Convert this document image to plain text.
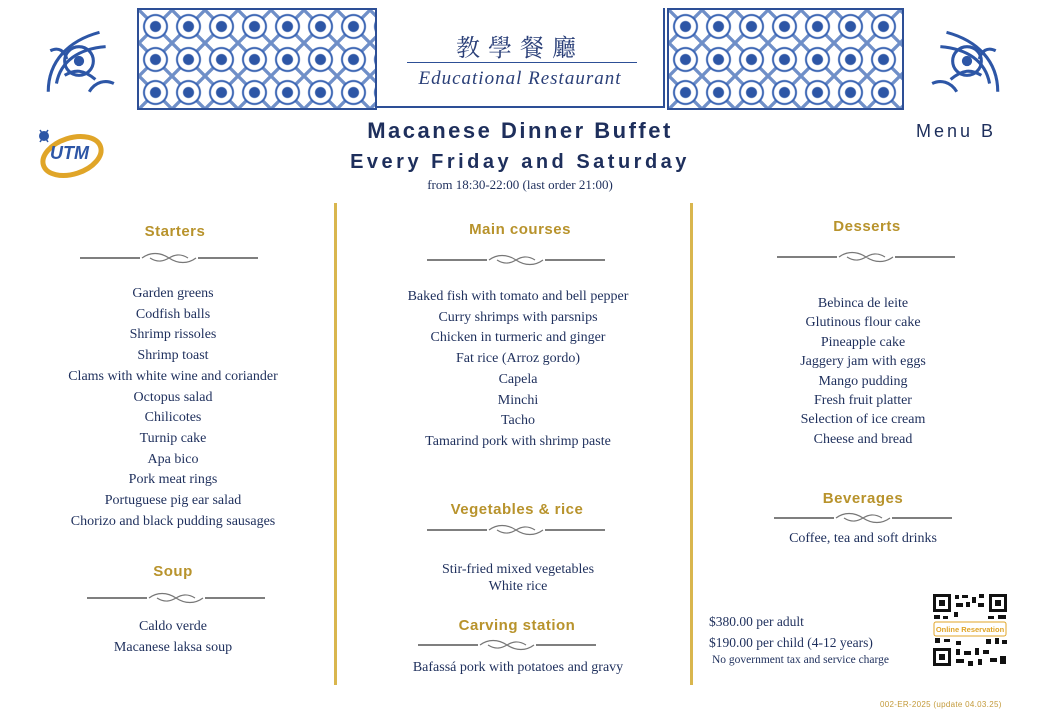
教學餐廳
Educational Restaurant
UTM
Macanese Dinner Buffet
Every Friday and Saturday
from 18:30-22:00 (last order 21:00)
Menu B
Starters
Garden greens
Codfish balls
Shrimp rissoles
Shrimp toast
Clams with white wine and coriander
Octopus salad
Chilicotes
Turnip cake
Apa bico
Pork meat rings
Portuguese pig ear salad
Chorizo and black pudding sausages
Soup
Caldo verde
Macanese laksa soup
Main courses
Baked fish with tomato and bell pepper
Curry shrimps with parsnips
Chicken in turmeric and ginger
Fat rice (Arroz gordo)
Capela
Minchi
Tacho
Tamarind pork with shrimp paste
Vegetables & rice
Stir-fried mixed vegetables
White rice
Carving station
Bafassá pork with potatoes and gravy
Desserts
Bebinca de leite
Glutinous flour cake
Pineapple cake
Jaggery jam with eggs
Mango pudding
Fresh fruit platter
Selection of ice cream
Cheese and bread
Beverages
Coffee, tea and soft drinks
$380.00 per adult
$190.00 per child (4-12 years)
No government tax and service charge
Online Reservation
002-ER-2025 (update 04.03.25)
